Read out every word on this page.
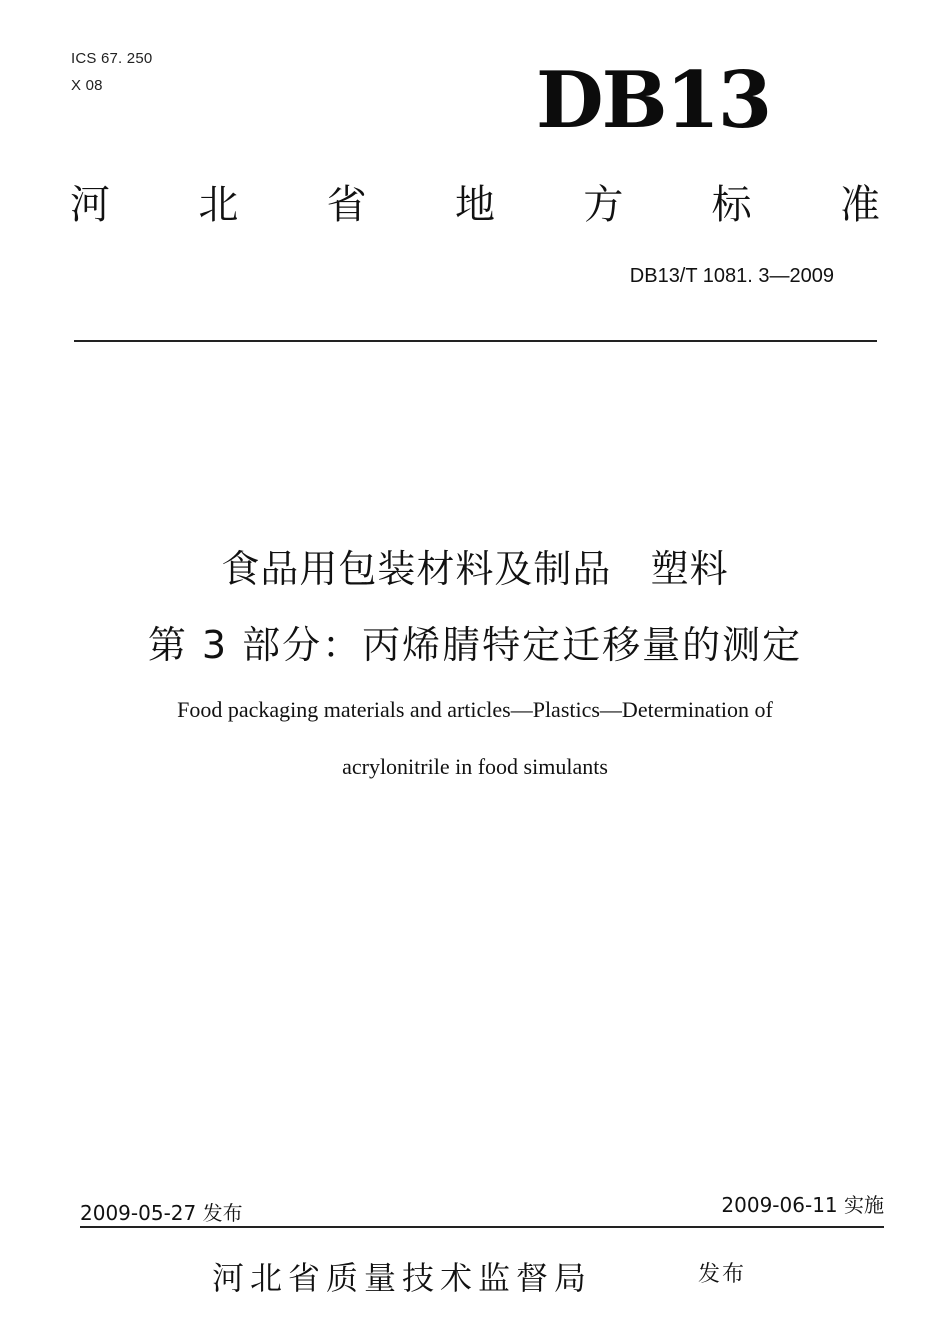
ICS 67. 250
X 08	DB13
河 北 省 地 方 标 准
DB13/T 1081. 3—2009
食品用包装材料及制品   塑料
第 3 部分：丙烯腈特定迁移量的测定
Food packaging materials and articles—Plastics—Determination of
acrylonitrile in food simulants
2009-05-27 发布	2009-06-11 实施
河北省质量技术监督局	发布
